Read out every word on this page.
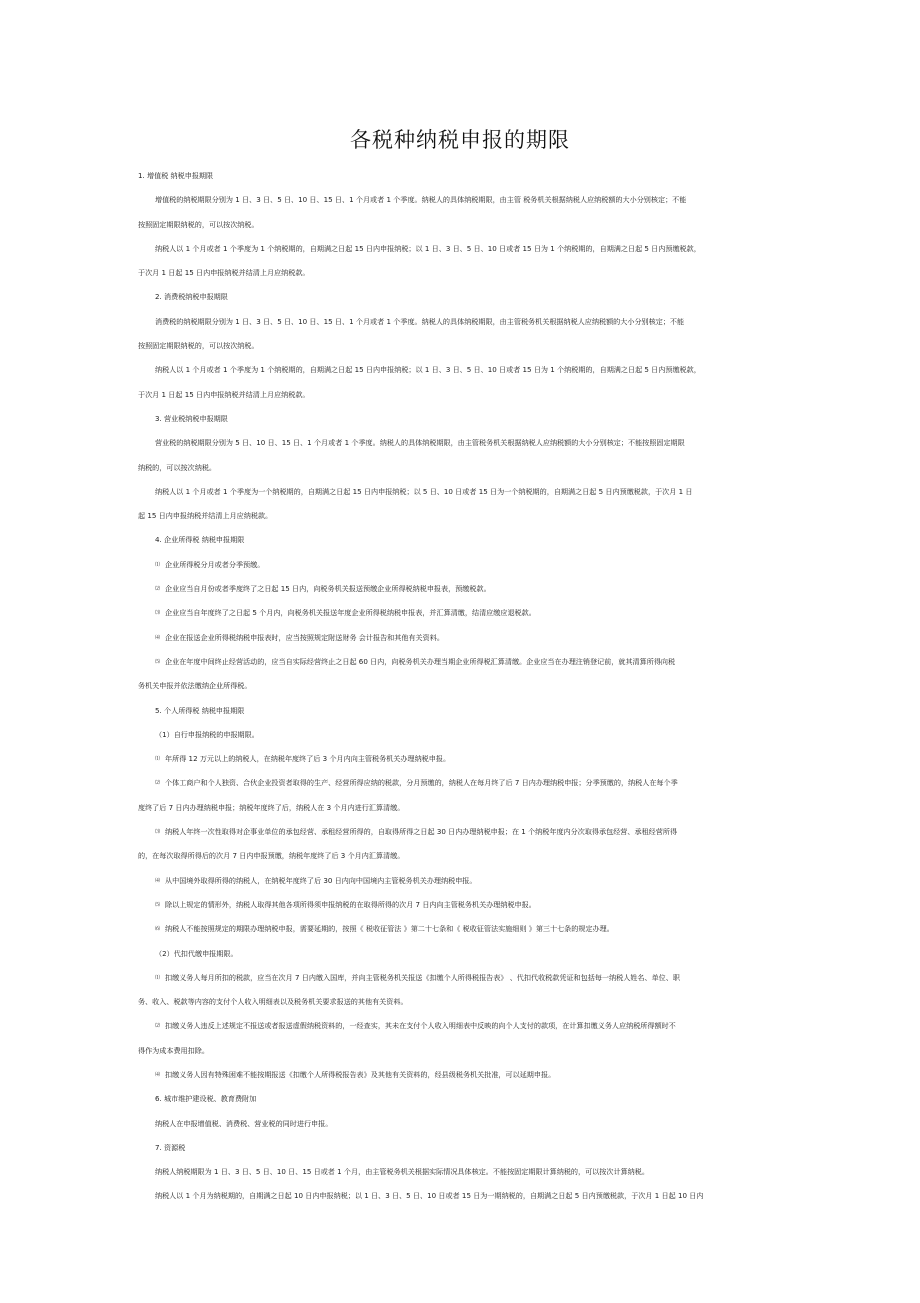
各税种纳税申报的期限
1. 增值税 纳税申报期限
增值税的纳税期限分别为 1 日、3 日、5 日、10 日、15 日、1 个月或者 1 个季度。纳税人的具体纳税期限，由主管 税务机关根据纳税人应纳税额的大小分别核定；不能
按照固定期限纳税的，可以按次纳税。
纳税人以 1 个月或者 1 个季度为 1 个纳税期的，自期满之日起 15 日内申报纳税；以 1 日、3 日、5 日、10 日或者 15 日为 1 个纳税期的，自期满之日起 5 日内预缴税款，
于次月 1 日起 15 日内申报纳税并结清上月应纳税款。
2. 消费税纳税申报期限
消费税的纳税期限分别为 1 日、3 日、5 日、10 日、15 日、1 个月或者 1 个季度。纳税人的具体纳税期限，由主管税务机关根据纳税人应纳税额的大小分别核定；不能
按照固定期限纳税的，可以按次纳税。
纳税人以 1 个月或者 1 个季度为 1 个纳税期的，自期满之日起 15 日内申报纳税；以 1 日、3 日、5 日、10 日或者 15 日为 1 个纳税期的，自期满之日起 5 日内预缴税款，
于次月 1 日起 15 日内申报纳税并结清上月应纳税款。
3. 营业税纳税申报期限
营业税的纳税期限分别为 5 日、10 日、15 日、1 个月或者 1 个季度。纳税人的具体纳税期限，由主管税务机关根据纳税人应纳税额的大小分别核定；不能按照固定期限
纳税的，可以按次纳税。
纳税人以 1 个月或者 1 个季度为一个纳税期的，自期满之日起 15 日内申报纳税；以 5 日、10 日或者 15 日为一个纳税期的，自期满之日起 5 日内预缴税款，于次月 1 日
起 15 日内申报纳税并结清上月应纳税款。
4. 企业所得税 纳税申报期限
⑴ 企业所得税分月或者分季预缴。
⑵ 企业应当自月份或者季度终了之日起 15 日内，向税务机关报送预缴企业所得税纳税申报表，预缴税款。
⑶ 企业应当自年度终了之日起 5 个月内，向税务机关报送年度企业所得税纳税申报表，并汇算清缴，结清应缴应退税款。
⑷ 企业在报送企业所得税纳税申报表时，应当按照规定附送财务 会计报告和其他有关资料。
⑸ 企业在年度中间终止经营活动的，应当自实际经营终止之日起 60 日内，向税务机关办理当期企业所得税汇算清缴。企业应当在办理注销登记前，就其清算所得向税
务机关申报并依法缴纳企业所得税。
5. 个人所得税 纳税申报期限
（1）自行申报纳税的申报期限。
⑴ 年所得 12 万元以上的纳税人，在纳税年度终了后 3 个月内向主管税务机关办理纳税申报。
⑵ 个体工商户和个人独资、合伙企业投资者取得的生产、经营所得应纳的税款，分月预缴的，纳税人在每月终了后 7 日内办理纳税申报；分季预缴的，纳税人在每个季
度终了后 7 日内办理纳税申报；纳税年度终了后，纳税人在 3 个月内进行汇算清缴。
⑶ 纳税人年终一次性取得对企事业单位的承包经营、承租经营所得的，自取得所得之日起 30 日内办理纳税申报；在 1 个纳税年度内分次取得承包经营、承租经营所得
的，在每次取得所得后的次月 7 日内申报预缴，纳税年度终了后 3 个月内汇算清缴。
⑷ 从中国境外取得所得的纳税人，在纳税年度终了后 30 日内向中国境内主管税务机关办理纳税申报。
⑸ 除以上规定的情形外，纳税人取得其他各项所得须申报纳税的在取得所得的次月 7 日内向主管税务机关办理纳税申报。
⑹ 纳税人不能按照规定的期限办理纳税申报，需要延期的，按照《 税收征管法 》第二十七条和《 税收征管法实施细则 》第三十七条的规定办理。
（2）代扣代缴申报期限。
⑴ 扣缴义务人每月所扣的税款，应当在次月 7 日内缴入国库，并向主管税务机关报送《扣缴个人所得税报告表》 、代扣代收税款凭证和包括每一纳税人姓名、单位、职
务、收入、税款等内容的支付个人收入明细表以及税务机关要求报送的其他有关资料。
⑵ 扣缴义务人违反上述规定不报送或者报送虚假纳税资料的，一经查实，其未在支付个人收入明细表中反映的向个人支付的款项，在计算扣缴义务人应纳税所得额时不
得作为成本费用扣除。
⑷ 扣缴义务人因有特殊困难不能按期报送《扣缴个人所得税报告表》及其他有关资料的，经县级税务机关批准，可以延期申报。
6. 城市维护建设税、教育费附加
纳税人在申报增值税、消费税、营业税的同时进行申报。
7. 资源税
纳税人纳税期限为 1 日、3 日、5 日、10 日、15 日或者 1 个月，由主管税务机关根据实际情况具体核定。不能按固定期限计算纳税的，可以按次计算纳税。
纳税人以 1 个月为纳税期的，自期满之日起 10 日内申报纳税；以 1 日、3 日、5 日、10 日或者 15 日为一期纳税的，自期满之日起 5 日内预缴税款，于次月 1 日起 10 日内
